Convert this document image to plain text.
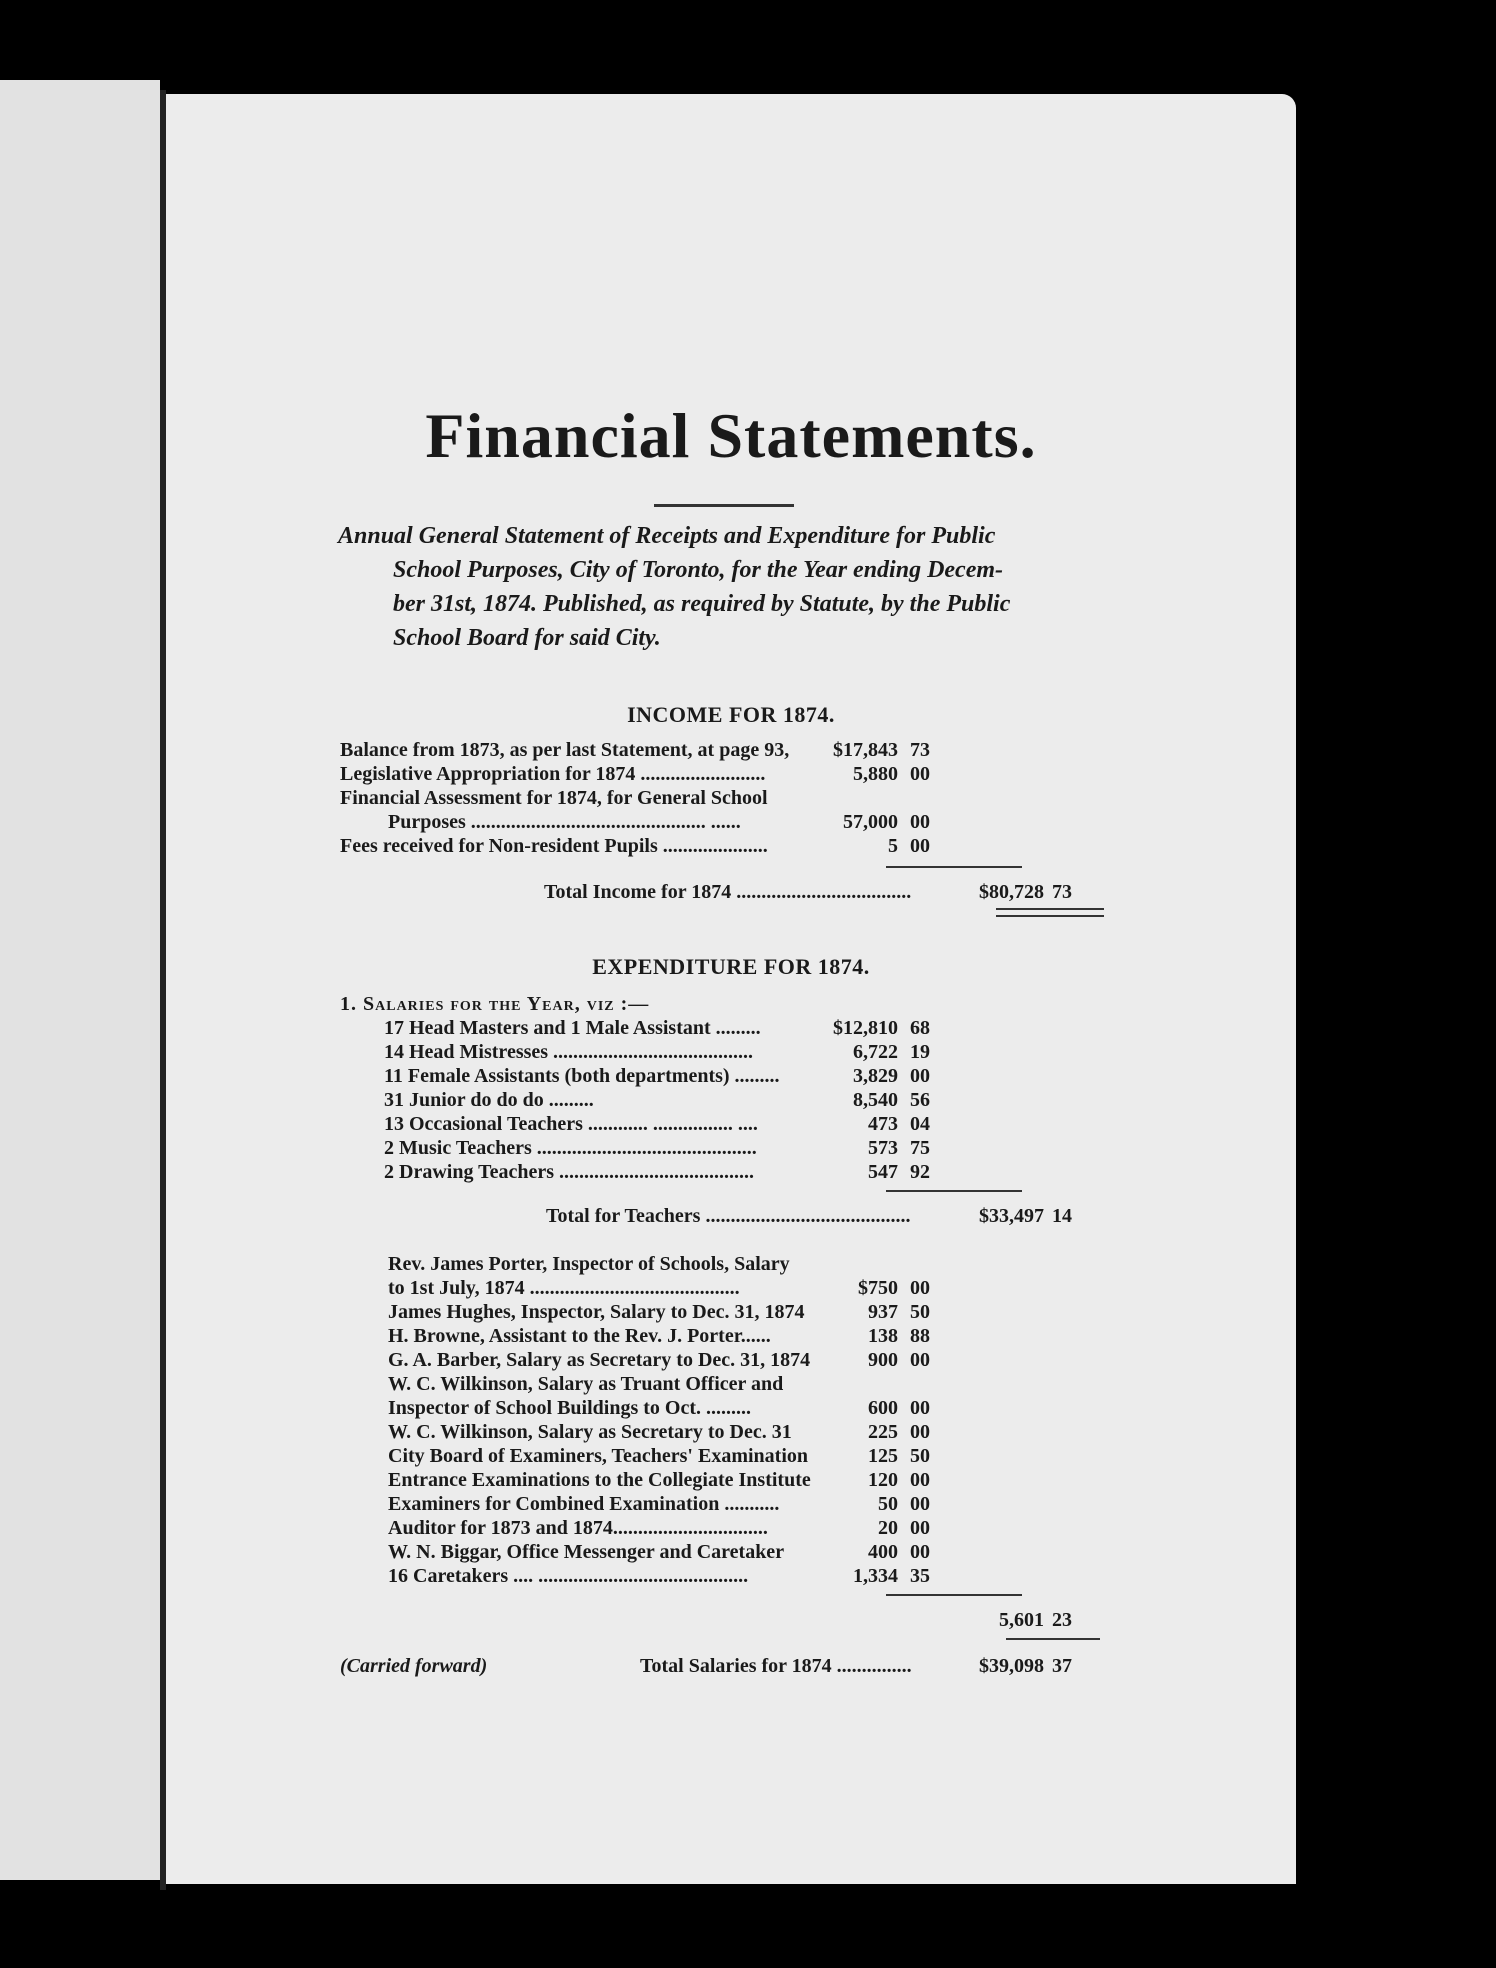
Financial Statements.
Annual General Statement of Receipts and Expenditure for Public
School Purposes, City of Toronto, for the Year ending Decem-
ber 31st, 1874. Published, as required by Statute, by the Public
School Board for said City.
INCOME FOR 1874.
Balance from 1873, as per last Statement, at page 93,	$17,843 73
Legislative Appropriation for 1874 .........................	5,880 00
Financial Assessment for 1874, for General School
Purposes ............................................... ......	57,000 00
Fees received for Non-resident Pupils .....................	5 00
Total Income for 1874 ...................................	$80,728 73
EXPENDITURE FOR 1874.
1. Salaries for the Year, viz :—
17 Head Masters and 1 Male Assistant .........	$12,810 68
14 Head Mistresses ........................................	6,722 19
11 Female Assistants (both departments) .........	3,829 00
31 Junior do do do .........	8,540 56
13 Occasional Teachers ............ ................ ....	473 04
2 Music Teachers ............................................	573 75
2 Drawing Teachers .......................................	547 92
Total for Teachers .........................................	$33,497 14
Rev. James Porter, Inspector of Schools, Salary
to 1st July, 1874 ..........................................	$750 00
James Hughes, Inspector, Salary to Dec. 31, 1874	937 50
H. Browne, Assistant to the Rev. J. Porter......	138 88
G. A. Barber, Salary as Secretary to Dec. 31, 1874	900 00
W. C. Wilkinson, Salary as Truant Officer and
Inspector of School Buildings to Oct. .........	600 00
W. C. Wilkinson, Salary as Secretary to Dec. 31	225 00
City Board of Examiners, Teachers' Examination	125 50
Entrance Examinations to the Collegiate Institute	120 00
Examiners for Combined Examination ...........	50 00
Auditor for 1873 and 1874...............................	20 00
W. N. Biggar, Office Messenger and Caretaker	400 00
16 Caretakers .... ..........................................	1,334 35
5,601 23
(Carried forward)	Total Salaries for 1874 ...............	$39,098 37
